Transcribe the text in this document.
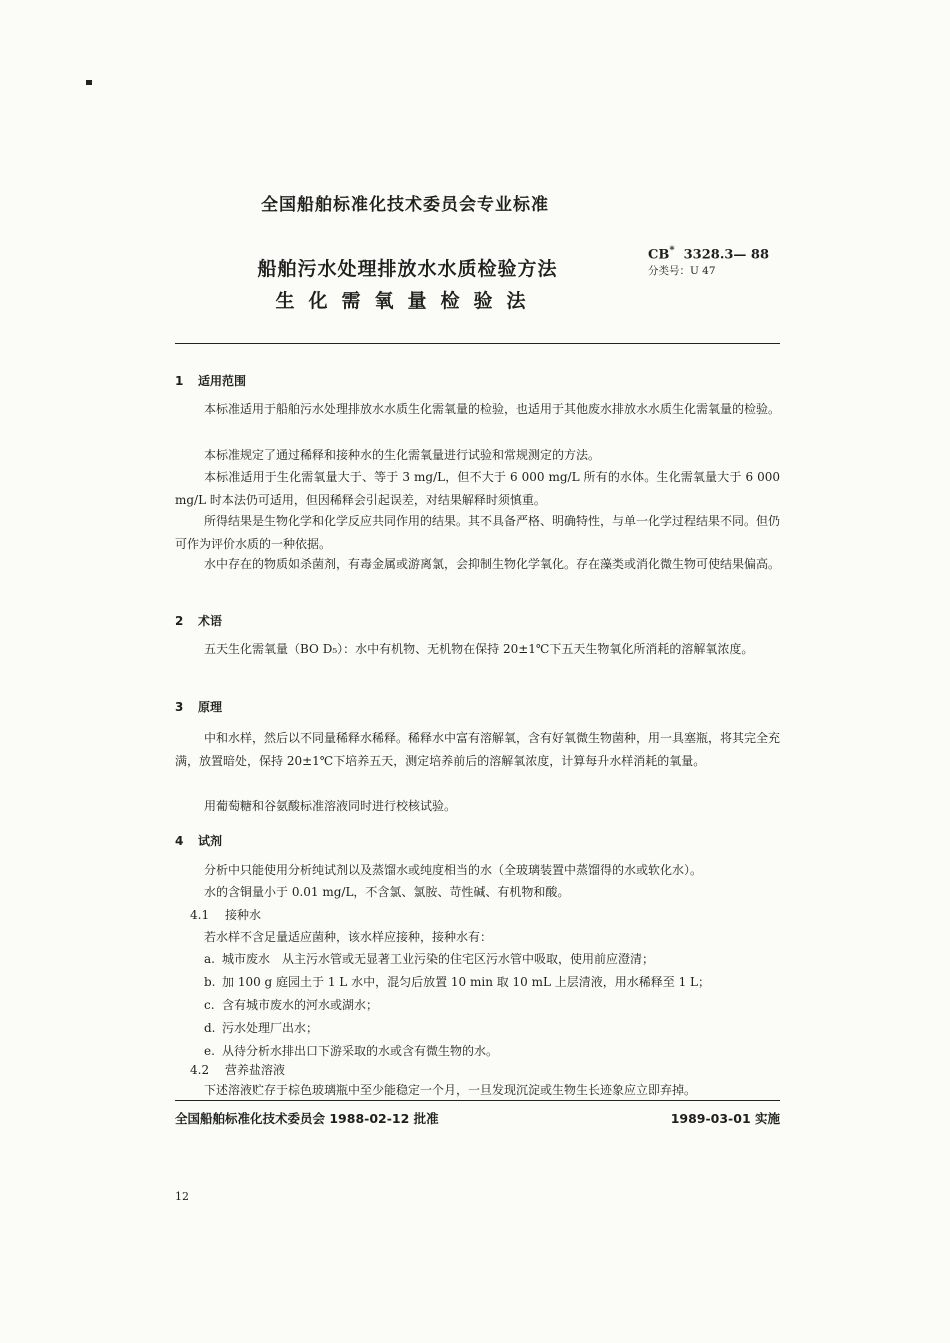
全国船舶标准化技术委员会专业标准
船舶污水处理排放水水质检验方法
生化需氧量检验法
CB* 3328.3— 88
分类号：U 47
1 适用范围

本标准适用于船舶污水处理排放水水质生化需氧量的检验，也适用于其他废水排放水水质生化需氧量的检验。

本标准规定了通过稀释和接种水的生化需氧量进行试验和常规测定的方法。

本标准适用于生化需氧量大于、等于 3 mg/L，但不大于 6 000 mg/L 所有的水体。生化需氧量大于 6 000 mg/L 时本法仍可适用，但因稀释会引起误差，对结果解释时须慎重。

所得结果是生物化学和化学反应共同作用的结果。其不具备严格、明确特性，与单一化学过程结果不同。但仍可作为评价水质的一种依据。

水中存在的物质如杀菌剂，有毒金属或游离氯，会抑制生物化学氧化。存在藻类或消化微生物可使结果偏高。

2 术语

五天生化需氧量（BO D₅）：水中有机物、无机物在保持 20±1℃下五天生物氧化所消耗的溶解氧浓度。

3 原理

中和水样，然后以不同量稀释水稀释。稀释水中富有溶解氧，含有好氧微生物菌种，用一具塞瓶，将其完全充满，放置暗处，保持 20±1℃下培养五天，测定培养前后的溶解氧浓度，计算每升水样消耗的氧量。

用葡萄糖和谷氨酸标准溶液同时进行校核试验。

4 试剂

分析中只能使用分析纯试剂以及蒸馏水或纯度相当的水（全玻璃装置中蒸馏得的水或软化水）。

水的含铜量小于 0.01 mg/L，不含氯、氯胺、苛性碱、有机物和酸。

4.1 接种水

若水样不含足量适应菌种，该水样应接种，接种水有：

a. 城市废水　从主污水管或无显著工业污染的住宅区污水管中吸取，使用前应澄清；
b. 加 100 g 庭园土于 1 L 水中，混匀后放置 10 min 取 10 mL 上层清液，用水稀释至 1 L；
c. 含有城市废水的河水或湖水；
d. 污水处理厂出水；
e. 从待分析水排出口下游采取的水或含有微生物的水。
4.2 营养盐溶液

下述溶液贮存于棕色玻璃瓶中至少能稳定一个月，一旦发现沉淀或生物生长迹象应立即弃掉。

全国船舶标准化技术委员会 1988-02-12 批准	1989-03-01 实施
12
